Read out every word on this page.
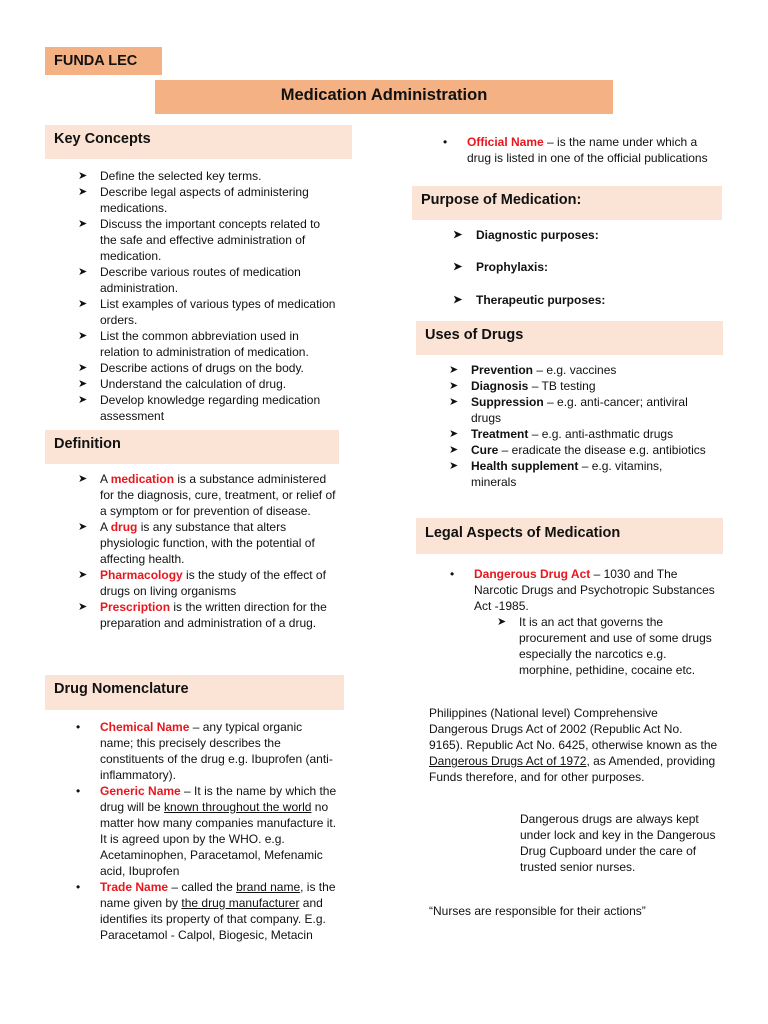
FUNDA LEC
Medication Administration
Key Concepts
➤ Define the selected key terms.
➤ Describe legal aspects of administering medications.
➤ Discuss the important concepts related to the safe and effective administration of medication.
➤ Describe various routes of medication administration.
➤ List examples of various types of medication orders.
➤ List the common abbreviation used in relation to administration of medication.
➤ Describe actions of drugs on the body.
➤ Understand the calculation of drug.
➤ Develop knowledge regarding medication assessment
Definition
➤ A medication is a substance administered for the diagnosis, cure, treatment, or relief of a symptom or for prevention of disease.
➤ A drug is any substance that alters physiologic function, with the potential of affecting health.
➤ Pharmacology is the study of the effect of drugs on living organisms
➤ Prescription is the written direction for the preparation and administration of a drug.
Drug Nomenclature
• Chemical Name – any typical organic name; this precisely describes the constituents of the drug e.g. Ibuprofen (anti-inflammatory).
• Generic Name – It is the name by which the drug will be known throughout the world no matter how many companies manufacture it. It is agreed upon by the WHO. e.g. Acetaminophen, Paracetamol, Mefenamic acid, Ibuprofen
• Trade Name – called the brand name, is the name given by the drug manufacturer and identifies its property of that company. E.g. Paracetamol - Calpol, Biogesic, Metacin
• Official Name – is the name under which a drug is listed in one of the official publications
Purpose of Medication:
➤ Diagnostic purposes:
➤ Prophylaxis:
➤ Therapeutic purposes:
Uses of Drugs
➤ Prevention – e.g. vaccines
➤ Diagnosis – TB testing
➤ Suppression – e.g. anti-cancer; antiviral drugs
➤ Treatment – e.g. anti-asthmatic drugs
➤ Cure – eradicate the disease e.g. antibiotics
➤ Health supplement – e.g. vitamins, minerals
Legal Aspects of Medication
• Dangerous Drug Act – 1030 and The Narcotic Drugs and Psychotropic Substances Act -1985.
➤ It is an act that governs the procurement and use of some drugs especially the narcotics e.g. morphine, pethidine, cocaine etc.
Philippines (National level) Comprehensive Dangerous Drugs Act of 2002 (Republic Act No. 9165). Republic Act No. 6425, otherwise known as the Dangerous Drugs Act of 1972, as Amended, providing Funds therefore, and for other purposes.
Dangerous drugs are always kept under lock and key in the Dangerous Drug Cupboard under the care of trusted senior nurses.
“Nurses are responsible for their actions”
